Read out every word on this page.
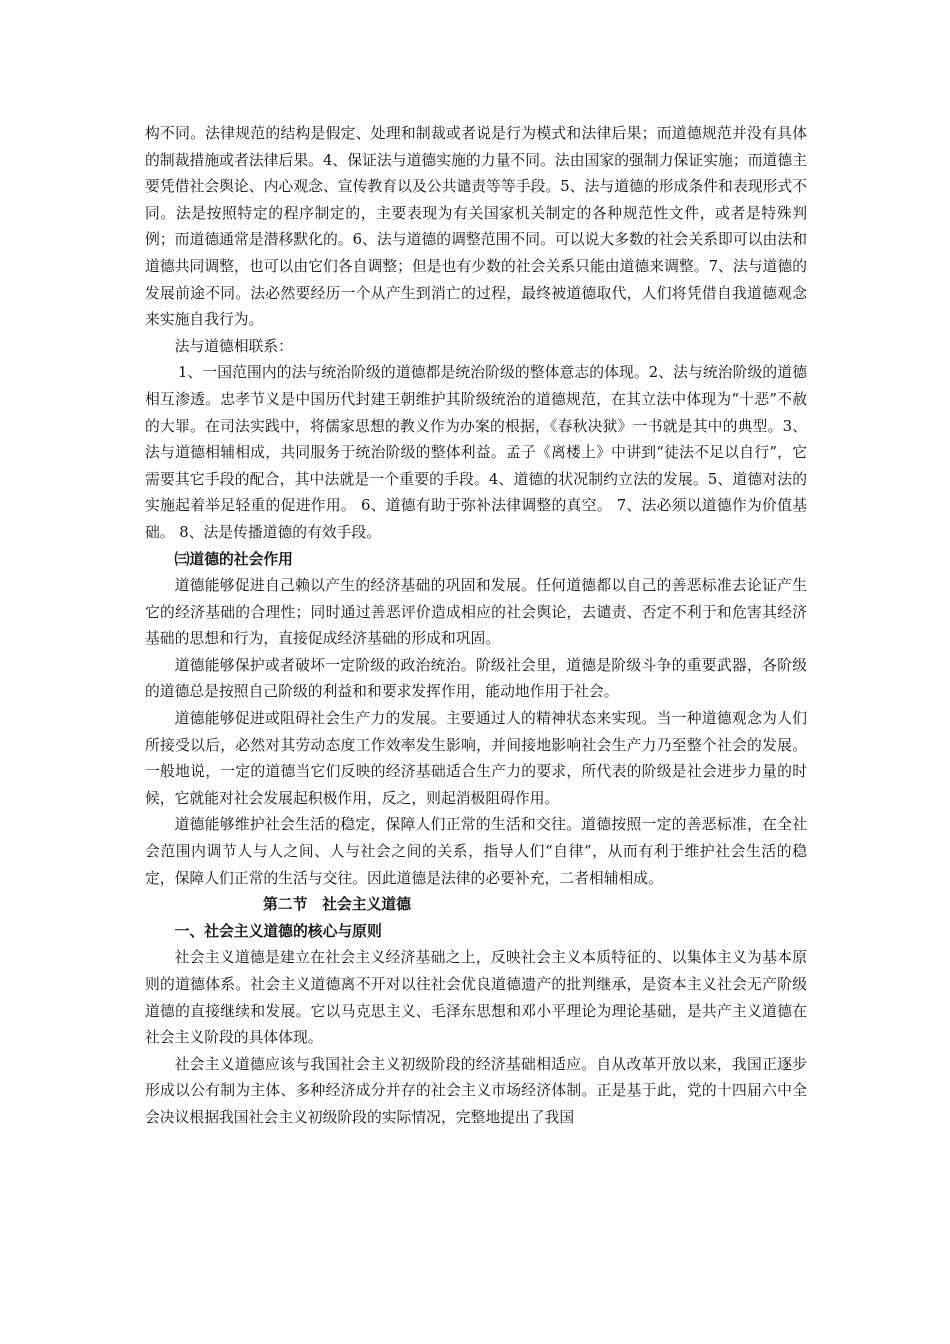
构不同。法律规范的结构是假定、处理和制裁或者说是行为模式和法律后果；而道德规范并没有具体的制裁措施或者法律后果。4、保证法与道德实施的力量不同。法由国家的强制力保证实施；而道德主要凭借社会舆论、内心观念、宣传教育以及公共谴责等等手段。5、法与道德的形成条件和表现形式不同。法是按照特定的程序制定的，主要表现为有关国家机关制定的各种规范性文件，或者是特殊判例；而道德通常是潜移默化的。6、法与道德的调整范围不同。可以说大多数的社会关系即可以由法和道德共同调整，也可以由它们各自调整；但是也有少数的社会关系只能由道德来调整。7、法与道德的发展前途不同。法必然要经历一个从产生到消亡的过程，最终被道德取代，人们将凭借自我道德观念来实施自我行为。

法与道德相联系：

1、一国范围内的法与统治阶级的道德都是统治阶级的整体意志的体现。2、法与统治阶级的道德相互渗透。忠孝节义是中国历代封建王朝维护其阶级统治的道德规范，在其立法中体现为“十恶”不赦的大罪。在司法实践中，将儒家思想的教义作为办案的根据，《春秋决狱》一书就是其中的典型。3、法与道德相辅相成，共同服务于统治阶级的整体利益。孟子《离楼上》中讲到“徒法不足以自行”，它需要其它手段的配合，其中法就是一个重要的手段。4、道德的状况制约立法的发展。5、道德对法的实施起着举足轻重的促进作用。 6、道德有助于弥补法律调整的真空。 7、法必须以道德作为价值基础。 8、法是传播道德的有效手段。

㈢道德的社会作用

道德能够促进自己赖以产生的经济基础的巩固和发展。任何道德都以自己的善恶标准去论证产生它的经济基础的合理性；同时通过善恶评价造成相应的社会舆论，去谴责、否定不利于和危害其经济基础的思想和行为，直接促成经济基础的形成和巩固。

道德能够保护或者破坏一定阶级的政治统治。阶级社会里，道德是阶级斗争的重要武器，各阶级的道德总是按照自己阶级的利益和和要求发挥作用，能动地作用于社会。

道德能够促进或阻碍社会生产力的发展。主要通过人的精神状态来实现。当一种道德观念为人们所接受以后，必然对其劳动态度工作效率发生影响，并间接地影响社会生产力乃至整个社会的发展。一般地说，一定的道德当它们反映的经济基础适合生产力的要求，所代表的阶级是社会进步力量的时候，它就能对社会发展起积极作用，反之，则起消极阻碍作用。

道德能够维护社会生活的稳定，保障人们正常的生活和交往。道德按照一定的善恶标准，在全社会范围内调节人与人之间、人与社会之间的关系，指导人们“自律”，从而有利于维护社会生活的稳定，保障人们正常的生活与交往。因此道德是法律的必要补充，二者相辅相成。

第二节　社会主义道德

一、社会主义道德的核心与原则

社会主义道德是建立在社会主义经济基础之上，反映社会主义本质特征的、以集体主义为基本原则的道德体系。社会主义道德离不开对以往社会优良道德遗产的批判继承，是资本主义社会无产阶级道德的直接继续和发展。它以马克思主义、毛泽东思想和邓小平理论为理论基础，是共产主义道德在社会主义阶段的具体体现。

社会主义道德应该与我国社会主义初级阶段的经济基础相适应。自从改革开放以来，我国正逐步形成以公有制为主体、多种经济成分并存的社会主义市场经济体制。正是基于此，党的十四届六中全会决议根据我国社会主义初级阶段的实际情况，完整地提出了我国
